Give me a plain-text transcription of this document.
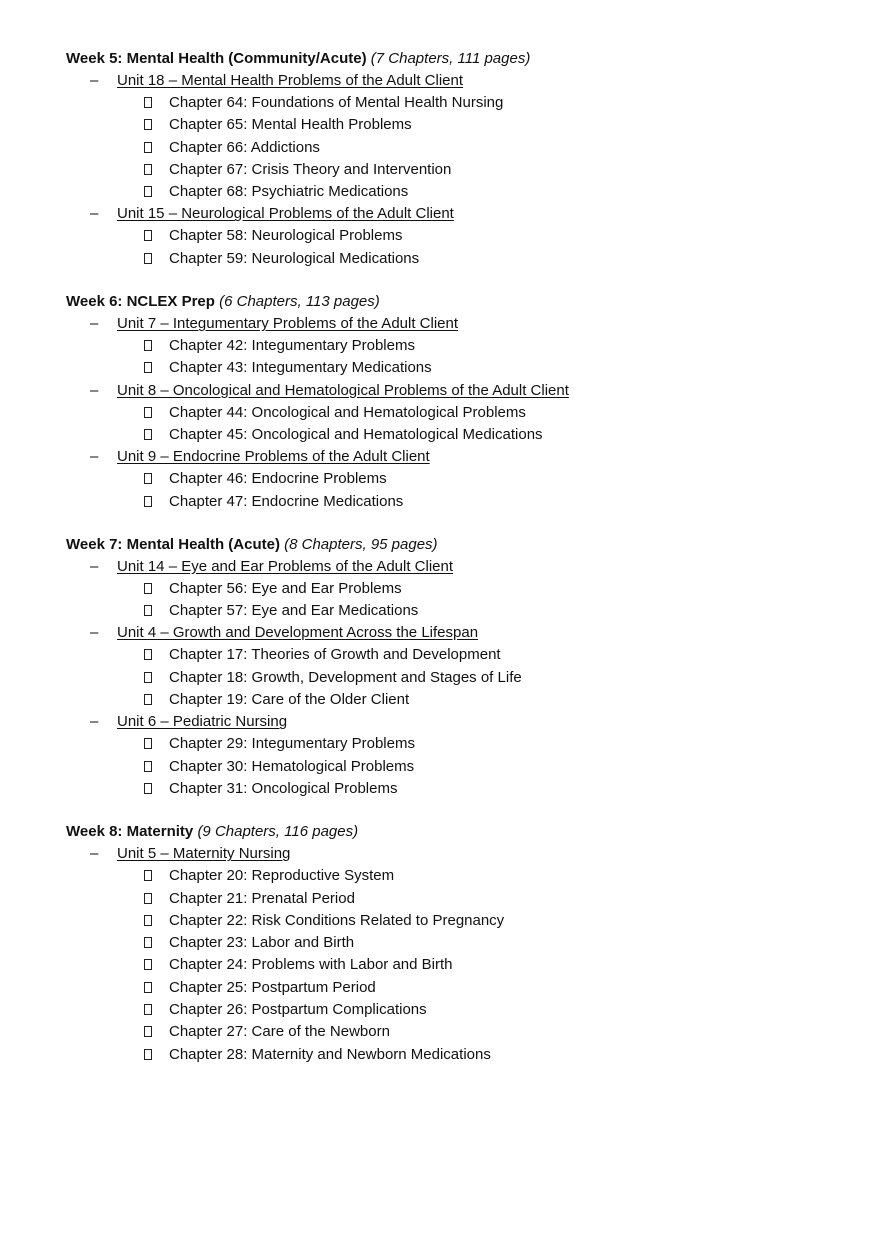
Week 5: Mental Health (Community/Acute) (7 Chapters, 111 pages)
– Unit 18 – Mental Health Problems of the Adult Client
Chapter 64: Foundations of Mental Health Nursing
Chapter 65: Mental Health Problems
Chapter 66: Addictions
Chapter 67: Crisis Theory and Intervention
Chapter 68: Psychiatric Medications
– Unit 15 – Neurological Problems of the Adult Client
Chapter 58: Neurological Problems
Chapter 59: Neurological Medications
Week 6: NCLEX Prep (6 Chapters, 113 pages)
– Unit 7 – Integumentary Problems of the Adult Client
Chapter 42: Integumentary Problems
Chapter 43: Integumentary Medications
– Unit 8 – Oncological and Hematological Problems of the Adult Client
Chapter 44: Oncological and Hematological Problems
Chapter 45: Oncological and Hematological Medications
– Unit 9 – Endocrine Problems of the Adult Client
Chapter 46: Endocrine Problems
Chapter 47: Endocrine Medications
Week 7: Mental Health (Acute) (8 Chapters, 95 pages)
– Unit 14 – Eye and Ear Problems of the Adult Client
Chapter 56: Eye and Ear Problems
Chapter 57: Eye and Ear Medications
– Unit 4 – Growth and Development Across the Lifespan
Chapter 17: Theories of Growth and Development
Chapter 18: Growth, Development and Stages of Life
Chapter 19: Care of the Older Client
– Unit 6 – Pediatric Nursing
Chapter 29: Integumentary Problems
Chapter 30: Hematological Problems
Chapter 31: Oncological Problems
Week 8: Maternity (9 Chapters, 116 pages)
– Unit 5 – Maternity Nursing
Chapter 20: Reproductive System
Chapter 21: Prenatal Period
Chapter 22: Risk Conditions Related to Pregnancy
Chapter 23: Labor and Birth
Chapter 24: Problems with Labor and Birth
Chapter 25: Postpartum Period
Chapter 26: Postpartum Complications
Chapter 27: Care of the Newborn
Chapter 28: Maternity and Newborn Medications
